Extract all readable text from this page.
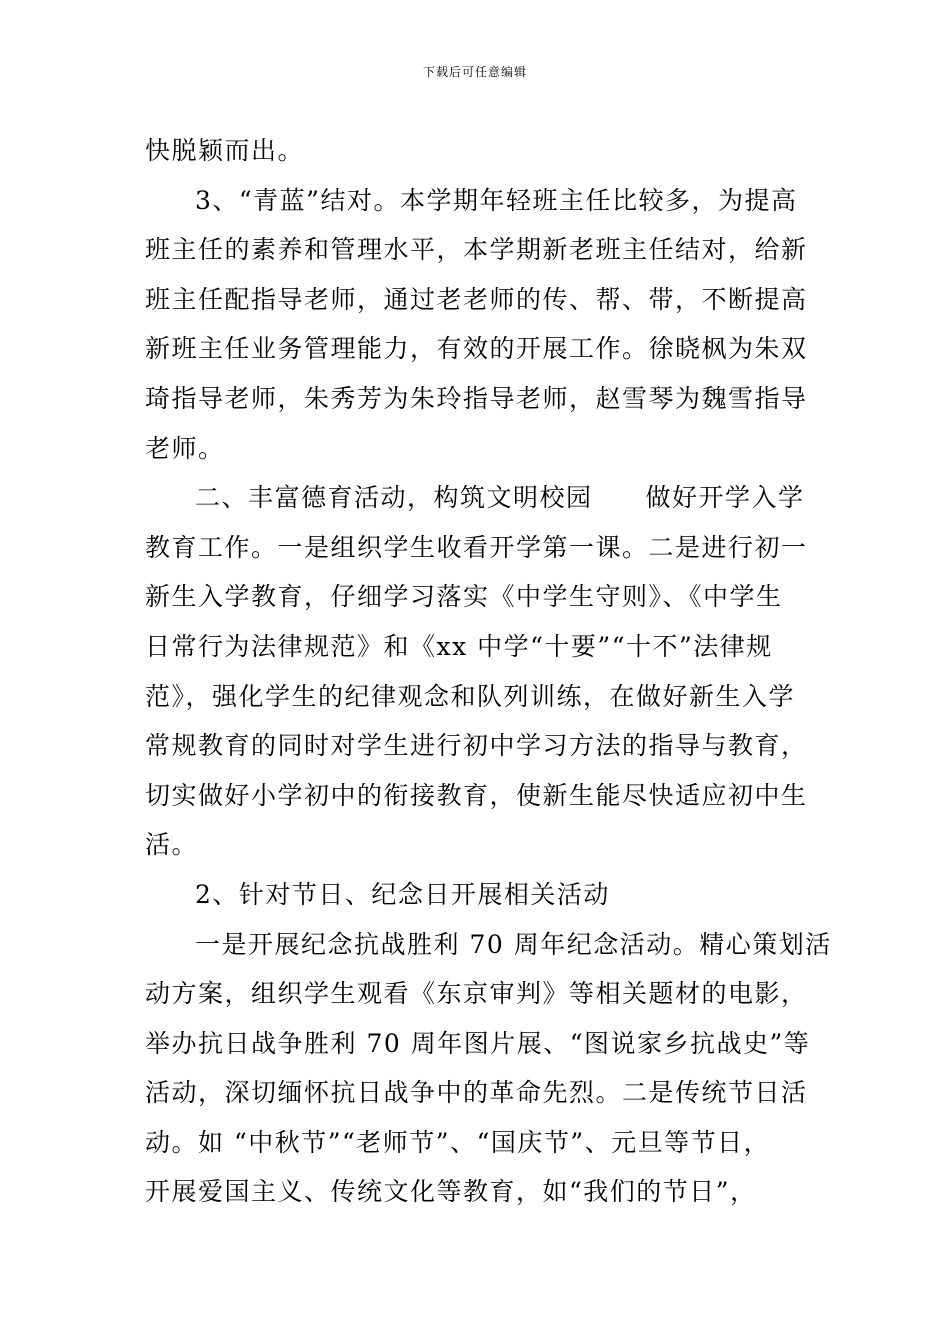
下载后可任意编辑
快脱颖而出。
3、“青蓝”结对。本学期年轻班主任比较多，为提高
班主任的素养和管理水平，本学期新老班主任结对，给新
班主任配指导老师，通过老老师的传、帮、带，不断提高
新班主任业务管理能力，有效的开展工作。徐晓枫为朱双
琦指导老师，朱秀芳为朱玲指导老师，赵雪琴为魏雪指导
老师。
二、丰富德育活动，构筑文明校园　　做好开学入学
教育工作。一是组织学生收看开学第一课。二是进行初一
新生入学教育，仔细学习落实《中学生守则》、《中学生
日常行为法律规范》和《xx 中学“十要”“十不”法律规
范》，强化学生的纪律观念和队列训练，在做好新生入学
常规教育的同时对学生进行初中学习方法的指导与教育，
切实做好小学初中的衔接教育，使新生能尽快适应初中生
活。
2、针对节日、纪念日开展相关活动
一是开展纪念抗战胜利 70 周年纪念活动。精心策划活
动方案，组织学生观看《东京审判》等相关题材的电影，
举办抗日战争胜利 70 周年图片展、“图说家乡抗战史”等
活动，深切缅怀抗日战争中的革命先烈。二是传统节日活
动。如 “中秋节”“老师节”、“国庆节”、元旦等节日，
开展爱国主义、传统文化等教育，如“我们的节日”，
